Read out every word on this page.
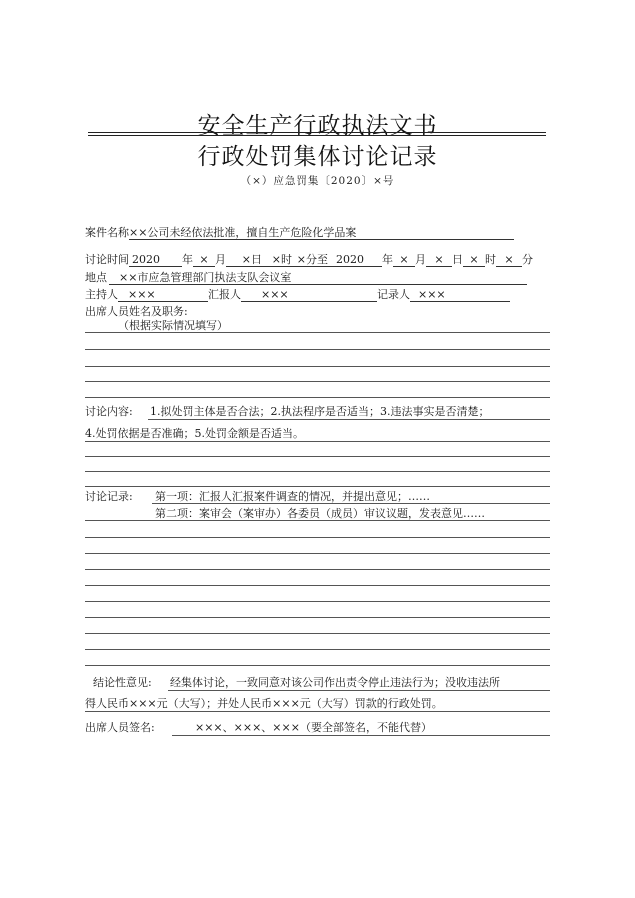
安全生产行政执法文书
行政处罚集体讨论记录
（×）应急罚集〔2020〕×号
案件名称××公司未经依法批准，擅自生产危险化学品案
讨论时间 2020 年 × 月 ×日 ×时 ×分至 2020 年 × 月 × 日 × 时 × 分
地点 ××市应急管理部门执法支队会议室
主持人 ×××	汇报人 ×××	记录人 ×××
出席人员姓名及职务:
（根据实际情况填写）
讨论内容: 1.拟处罚主体是否合法；2.执法程序是否适当；3.违法事实是否清楚；
4.处罚依据是否准确；5.处罚金额是否适当。
讨论记录: 第一项：汇报人汇报案件调查的情况，并提出意见；……
第二项：案审会（案审办）各委员（成员）审议议题，发表意见……
结论性意见: 经集体讨论，一致同意对该公司作出责令停止违法行为；没收违法所
得人民币×××元（大写）；并处人民币×××元（大写）罚款的行政处罚。
出席人员签名:	×××、×××、×××（要全部签名，不能代替）
